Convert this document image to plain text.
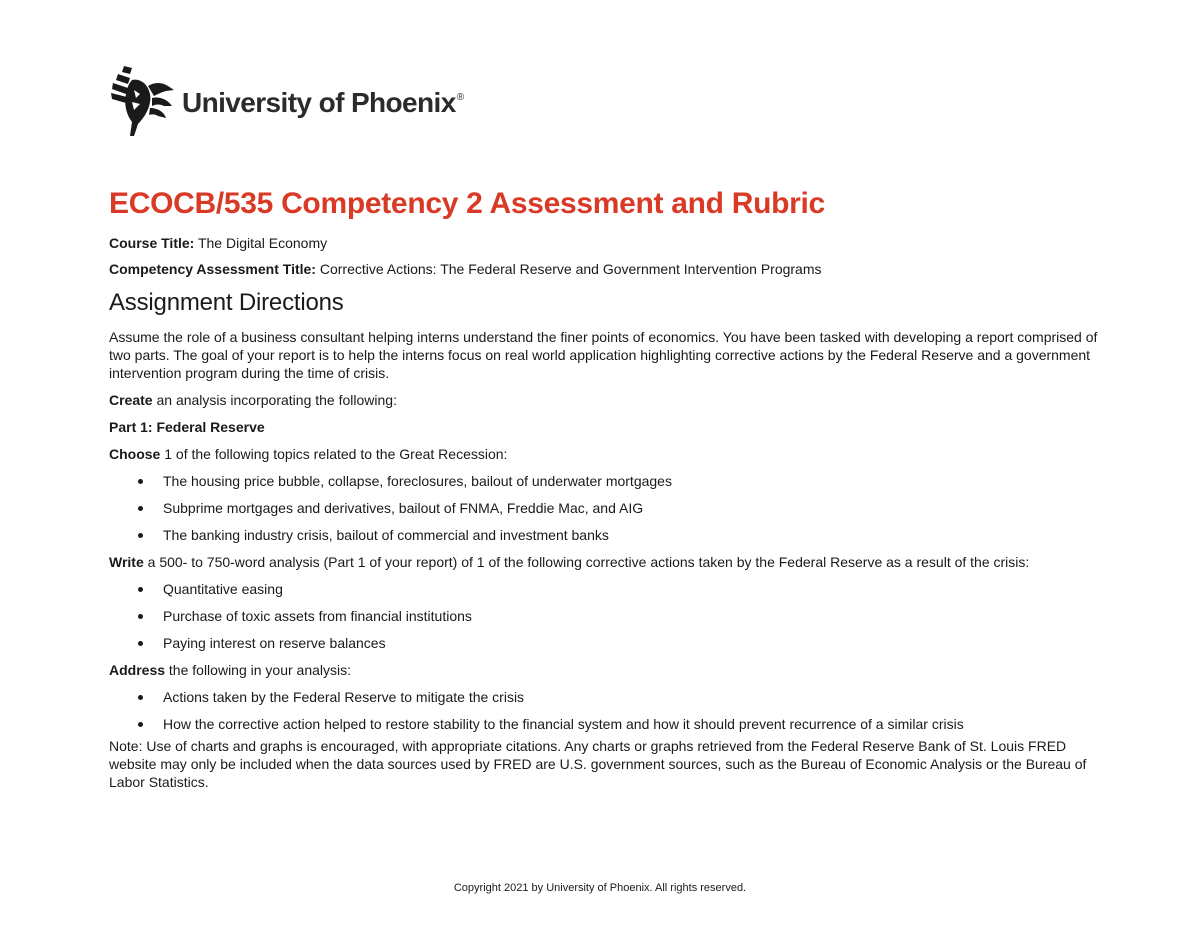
University of Phoenix®
ECOCB/535 Competency 2 Assessment and Rubric

Course Title: The Digital Economy

Competency Assessment Title: Corrective Actions: The Federal Reserve and Government Intervention Programs

Assignment Directions

Assume the role of a business consultant helping interns understand the finer points of economics. You have been tasked with developing a report comprised of two parts. The goal of your report is to help the interns focus on real world application highlighting corrective actions by the Federal Reserve and a government intervention program during the time of crisis.

Create an analysis incorporating the following:

Part 1: Federal Reserve

Choose 1 of the following topics related to the Great Recession:

The housing price bubble, collapse, foreclosures, bailout of underwater mortgages
Subprime mortgages and derivatives, bailout of FNMA, Freddie Mac, and AIG
The banking industry crisis, bailout of commercial and investment banks

Write a 500- to 750-word analysis (Part 1 of your report) of 1 of the following corrective actions taken by the Federal Reserve as a result of the crisis:

Quantitative easing
Purchase of toxic assets from financial institutions
Paying interest on reserve balances

Address the following in your analysis:

Actions taken by the Federal Reserve to mitigate the crisis
How the corrective action helped to restore stability to the financial system and how it should prevent recurrence of a similar crisis

Note: Use of charts and graphs is encouraged, with appropriate citations. Any charts or graphs retrieved from the Federal Reserve Bank of St. Louis FRED website may only be included when the data sources used by FRED are U.S. government sources, such as the Bureau of Economic Analysis or the Bureau of Labor Statistics.

Copyright 2021 by University of Phoenix. All rights reserved.
